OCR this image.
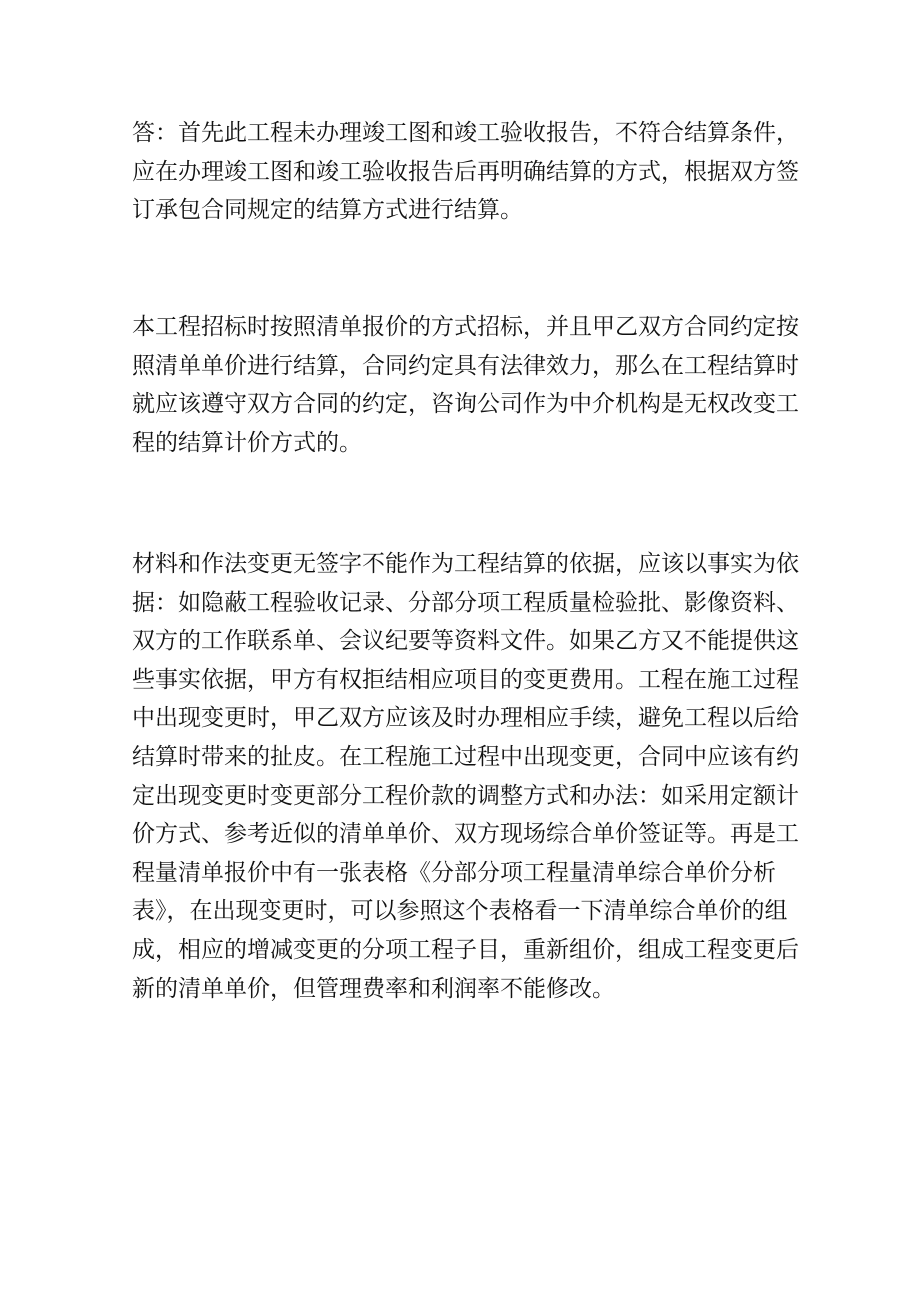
答：首先此工程未办理竣工图和竣工验收报告，不符合结算条件，
应在办理竣工图和竣工验收报告后再明确结算的方式，根据双方签
订承包合同规定的结算方式进行结算。

本工程招标时按照清单报价的方式招标，并且甲乙双方合同约定按
照清单单价进行结算，合同约定具有法律效力，那么在工程结算时
就应该遵守双方合同的约定，咨询公司作为中介机构是无权改变工
程的结算计价方式的。

材料和作法变更无签字不能作为工程结算的依据，应该以事实为依
据：如隐蔽工程验收记录、分部分项工程质量检验批、影像资料、
双方的工作联系单、会议纪要等资料文件。如果乙方又不能提供这
些事实依据，甲方有权拒结相应项目的变更费用。工程在施工过程
中出现变更时，甲乙双方应该及时办理相应手续，避免工程以后给
结算时带来的扯皮。在工程施工过程中出现变更，合同中应该有约
定出现变更时变更部分工程价款的调整方式和办法：如采用定额计
价方式、参考近似的清单单价、双方现场综合单价签证等。再是工
程量清单报价中有一张表格《分部分项工程量清单综合单价分析
表》，在出现变更时，可以参照这个表格看一下清单综合单价的组
成，相应的增减变更的分项工程子目，重新组价，组成工程变更后
新的清单单价，但管理费率和利润率不能修改。
